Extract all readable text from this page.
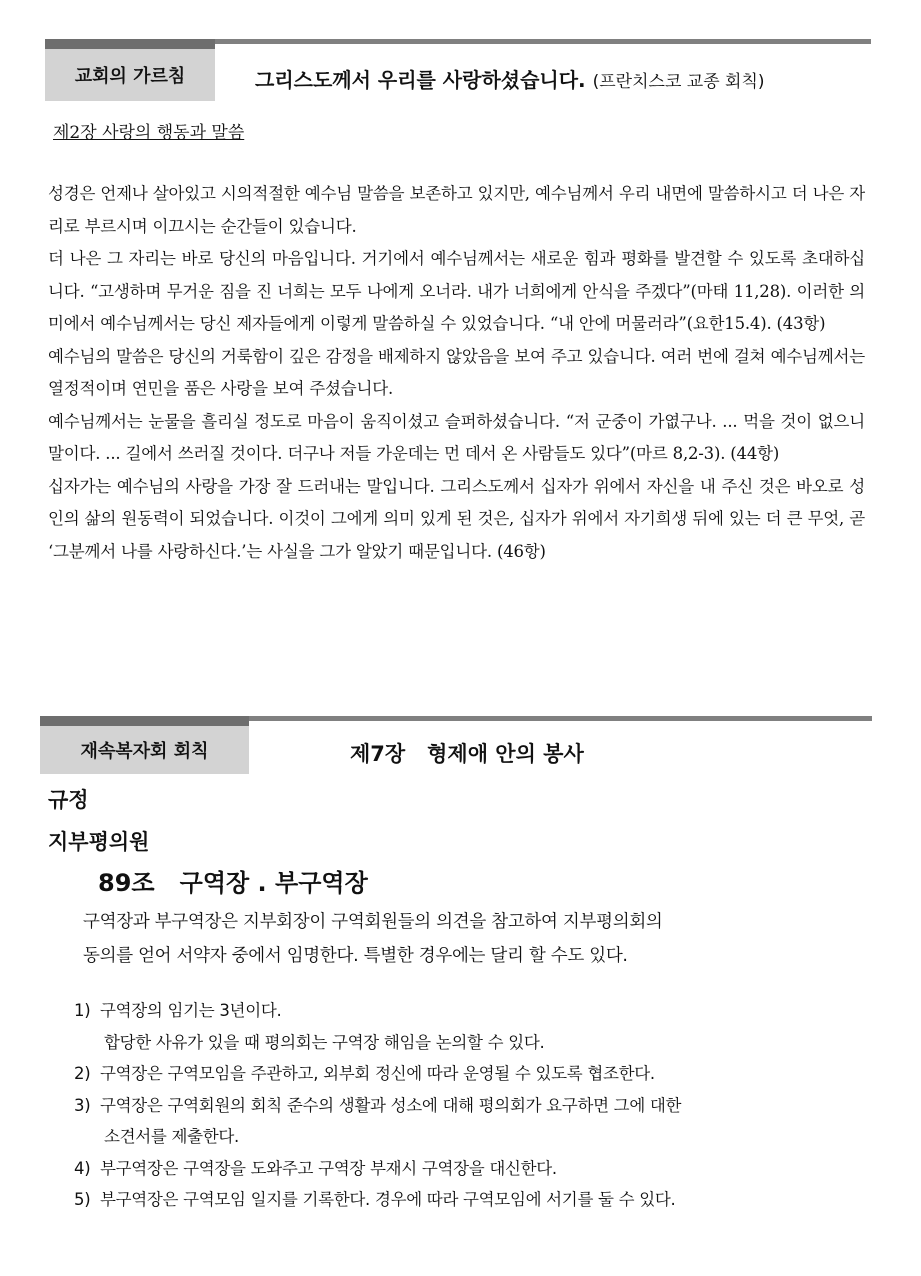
교회의 가르침	그리스도께서 우리를 사랑하셨습니다. (프란치스코 교종 회칙)
제2장 사랑의 행동과 말씀

성경은 언제나 살아있고 시의적절한 예수님 말씀을 보존하고 있지만, 예수님께서 우리 내면에 말씀하시고 더 나은 자리로 부르시며 이끄시는 순간들이 있습니다.

더 나은 그 자리는 바로 당신의 마음입니다. 거기에서 예수님께서는 새로운 힘과 평화를 발견할 수 있도록 초대하십니다. “고생하며 무거운 짐을 진 너희는 모두 나에게 오너라. 내가 너희에게 안식을 주겠다”(마태 11,28). 이러한 의미에서 예수님께서는 당신 제자들에게 이렇게 말씀하실 수 있었습니다. “내 안에 머물러라”(요한15.4). (43항)

예수님의 말씀은 당신의 거룩함이 깊은 감정을 배제하지 않았음을 보여 주고 있습니다. 여러 번에 걸쳐 예수님께서는 열정적이며 연민을 품은 사랑을 보여 주셨습니다.

예수님께서는 눈물을 흘리실 정도로 마음이 움직이셨고 슬퍼하셨습니다. “저 군중이 가엾구나. ... 먹을 것이 없으니 말이다. ... 길에서 쓰러질 것이다. 더구나 저들 가운데는 먼 데서 온 사람들도 있다”(마르 8,2-3). (44항)

십자가는 예수님의 사랑을 가장 잘 드러내는 말입니다. 그리스도께서 십자가 위에서 자신을 내 주신 것은 바오로 성인의 삶의 원동력이 되었습니다. 이것이 그에게 의미 있게 된 것은, 십자가 위에서 자기희생 뒤에 있는 더 큰 무엇, 곧 ‘그분께서 나를 사랑하신다.’는 사실을 그가 알았기 때문입니다. (46항)

재속복자회 회칙	제7장   형제애 안의 봉사
규정
지부평의원
89조   구역장 . 부구역장

구역장과 부구역장은 지부회장이 구역회원들의 의견을 참고하여 지부평의회의

동의를 얻어 서약자 중에서 임명한다. 특별한 경우에는 달리 할 수도 있다.

1) 구역장의 임기는 3년이다.
합당한 사유가 있을 때 평의회는 구역장 해임을 논의할 수 있다.
2) 구역장은 구역모임을 주관하고, 외부회 정신에 따라 운영될 수 있도록 협조한다.
3) 구역장은 구역회원의 회칙 준수의 생활과 성소에 대해 평의회가 요구하면 그에 대한
소견서를 제출한다.
4) 부구역장은 구역장을 도와주고 구역장 부재시 구역장을 대신한다.
5) 부구역장은 구역모임 일지를 기록한다. 경우에 따라 구역모임에 서기를 둘 수 있다.
